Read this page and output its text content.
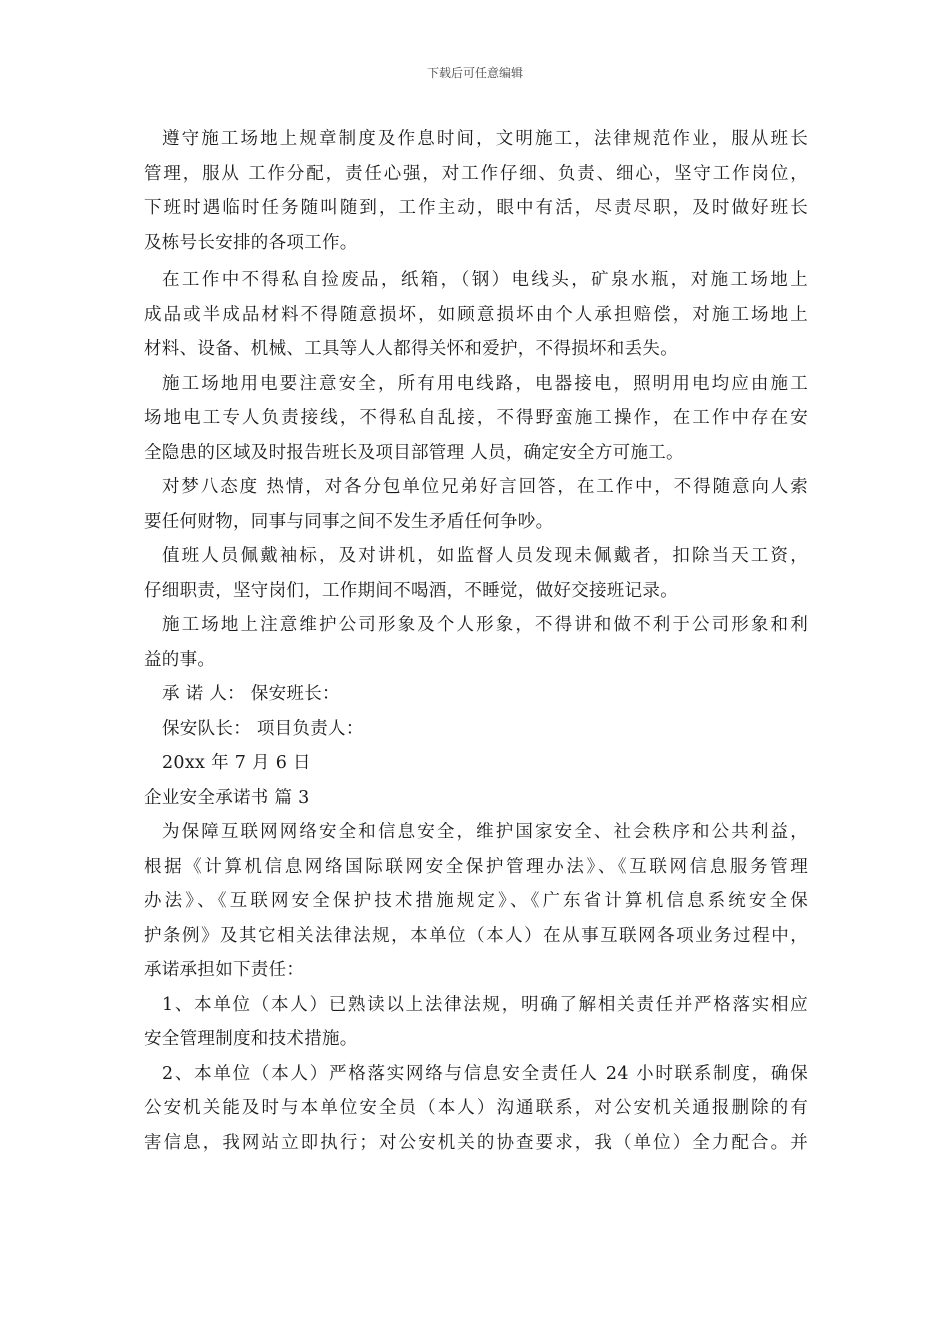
下载后可任意编辑
遵守施工场地上规章制度及作息时间，文明施工，法律规范作业，服从班长
管理，服从 工作分配，责任心强，对工作仔细、负责、细心，坚守工作岗位，
下班时遇临时任务随叫随到，工作主动，眼中有活，尽责尽职，及时做好班长
及栋号长安排的各项工作。
在工作中不得私自捡废品，纸箱，（钢）电线头，矿泉水瓶，对施工场地上
成品或半成品材料不得随意损坏，如顾意损坏由个人承担赔偿，对施工场地上
材料、设备、机械、工具等人人都得关怀和爱护，不得损坏和丢失。
施工场地用电要注意安全，所有用电线路，电器接电，照明用电均应由施工
场地电工专人负责接线，不得私自乱接，不得野蛮施工操作，在工作中存在安
全隐患的区域及时报告班长及项目部管理 人员，确定安全方可施工。
对梦八态度 热情，对各分包单位兄弟好言回答，在工作中，不得随意向人索
要任何财物，同事与同事之间不发生矛盾任何争吵。
值班人员佩戴袖标，及对讲机，如监督人员发现未佩戴者，扣除当天工资，
仔细职责，坚守岗们，工作期间不喝酒，不睡觉，做好交接班记录。
施工场地上注意维护公司形象及个人形象，不得讲和做不利于公司形象和利
益的事。
承 诺 人： 保安班长：
保安队长： 项目负责人：
20xx 年 7 月 6 日
企业安全承诺书 篇 3
为保障互联网网络安全和信息安全，维护国家安全、社会秩序和公共利益，
根据《计算机信息网络国际联网安全保护管理办法》、《互联网信息服务管理
办法》、《互联网安全保护技术措施规定》、《广东省计算机信息系统安全保
护条例》及其它相关法律法规，本单位（本人）在从事互联网各项业务过程中，
承诺承担如下责任：
1、本单位（本人）已熟读以上法律法规，明确了解相关责任并严格落实相应
安全管理制度和技术措施。
2、本单位（本人）严格落实网络与信息安全责任人 24 小时联系制度，确保
公安机关能及时与本单位安全员（本人）沟通联系，对公安机关通报删除的有
害信息，我网站立即执行；对公安机关的协查要求，我（单位）全力配合。并
